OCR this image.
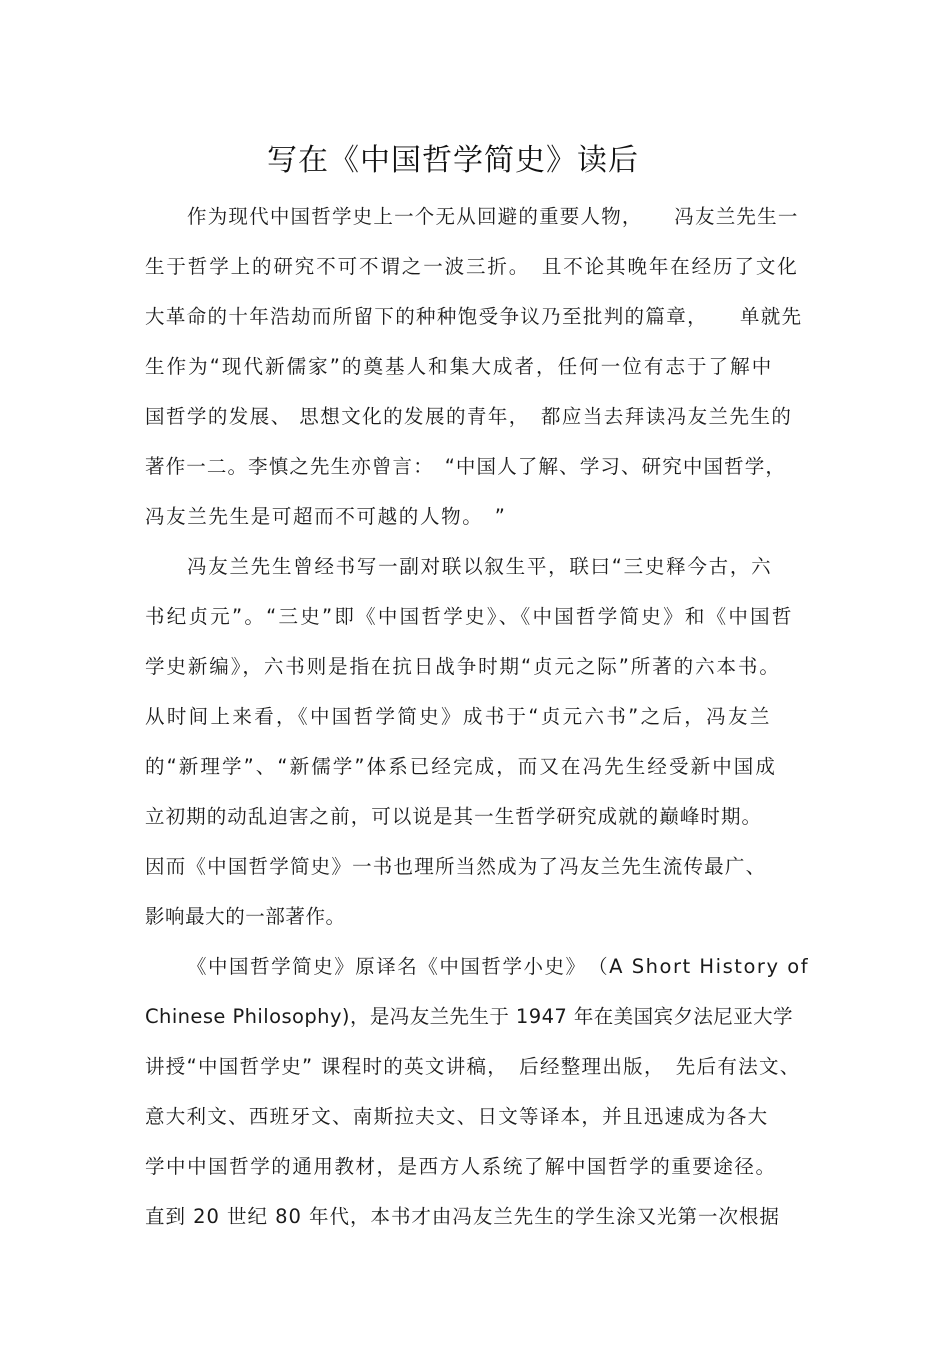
写在《中国哲学简史》读后
作为现代中国哲学史上一个无从回避的重要人物，　　冯友兰先生一
生于哲学上的研究不可不谓之一波三折。　且不论其晚年在经历了文化
大革命的十年浩劫而所留下的种种饱受争议乃至批判的篇章，　　单就先
生作为“现代新儒家”的奠基人和集大成者，任何一位有志于了解中
国哲学的发展、 思想文化的发展的青年，　都应当去拜读冯友兰先生的
著作一二。李慎之先生亦曾言：　“中国人了解、学习、研究中国哲学，
冯友兰先生是可超而不可越的人物。　”
冯友兰先生曾经书写一副对联以叙生平，联曰“三史释今古，六
书纪贞元”。“三史”即《中国哲学史》、《中国哲学简史》和《中国哲
学史新编》，六书则是指在抗日战争时期“贞元之际”所著的六本书。
从时间上来看，《中国哲学简史》成书于“贞元六书”之后，冯友兰
的“新理学”、“新儒学”体系已经完成，而又在冯先生经受新中国成
立初期的动乱迫害之前，可以说是其一生哲学研究成就的巅峰时期。
因而《中国哲学简史》一书也理所当然成为了冯友兰先生流传最广、
影响最大的一部著作。
《中国哲学简史》原译名《中国哲学小史》　（A Short History of
Chinese Philosophy)，是冯友兰先生于 1947 年在美国宾夕法尼亚大学
讲授“中国哲学史” 课程时的英文讲稿，　后经整理出版，　先后有法文、
意大利文、西班牙文、南斯拉夫文、日文等译本，并且迅速成为各大
学中中国哲学的通用教材，是西方人系统了解中国哲学的重要途径。
直到 20 世纪 80 年代，本书才由冯友兰先生的学生涂又光第一次根据
